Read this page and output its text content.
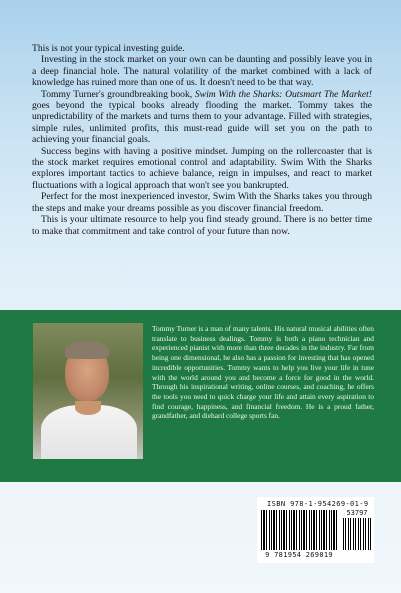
This is not your typical investing guide.

Investing in the stock market on your own can be daunting and possibly leave you in a deep financial hole. The natural volatility of the market combined with a lack of knowledge has ruined more than one of us. It doesn't need to be that way.

Tommy Turner's groundbreaking book, Swim With the Sharks: Outsmart The Market! goes beyond the typical books already flooding the market. Tommy takes the unpredictability of the markets and turns them to your advantage. Filled with strategies, simple rules, unlimited profits, this must-read guide will set you on the path to achieving your financial goals.

Success begins with having a positive mindset. Jumping on the rollercoaster that is the stock market requires emotional control and adaptability. Swim With the Sharks explores important tactics to achieve balance, reign in impulses, and react to market fluctuations with a logical approach that won't see you bankrupted.

Perfect for the most inexperienced investor, Swim With the Sharks takes you through the steps and make your dreams possible as you discover financial freedom.

This is your ultimate resource to help you find steady ground. There is no better time to make that commitment and take control of your future than now.

Tommy Turner is a man of many talents. His natural musical abilities often translate to business dealings. Tommy is both a piano technician and experienced pianist with more than three decades in the industry. Far from being one dimensional, he also has a passion for investing that has opened incredible opportunities. Tommy wants to help you live your life in tune with the world around you and become a force for good in the world. Through his inspirational writing, online courses, and coaching, he offers the tools you need to quick charge your life and attain every aspiration to find courage, happiness, and financial freedom. He is a proud father, grandfather, and diehard college sports fan.
ISBN 978-1-954269-01-9
53797
9 781954 269019
